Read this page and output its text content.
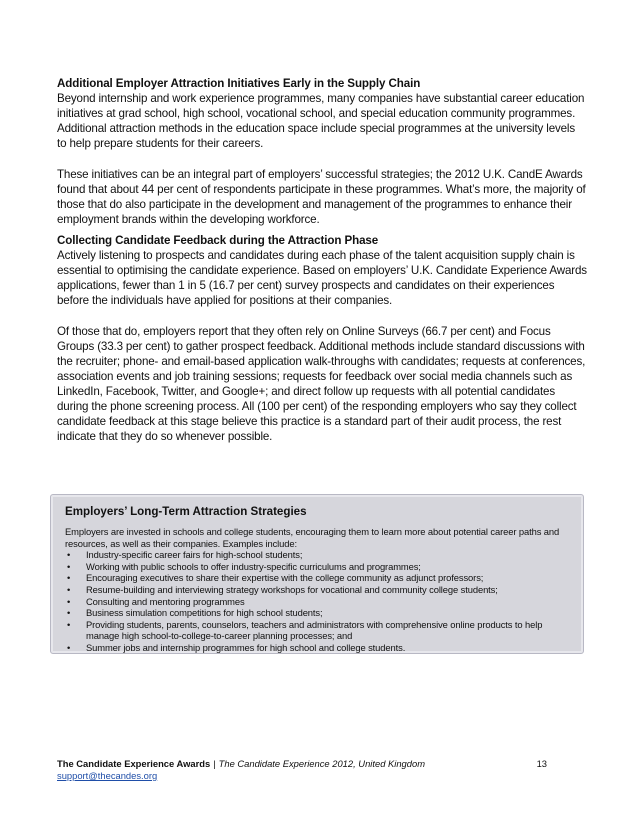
Additional Employer Attraction Initiatives Early in the Supply Chain

Beyond internship and work experience programmes, many companies have substantial career education initiatives at grad school, high school, vocational school, and special education community programmes. Additional attraction methods in the education space include special programmes at the university levels to help prepare students for their careers.

These initiatives can be an integral part of employers’ successful strategies; the 2012 U.K. CandE Awards found that about 44 per cent of respondents participate in these programmes. What’s more, the majority of those that do also participate in the development and management of the programmes to enhance their employment brands within the developing workforce.

Collecting Candidate Feedback during the Attraction Phase

Actively listening to prospects and candidates during each phase of the talent acquisition supply chain is essential to optimising the candidate experience. Based on employers’ U.K. Candidate Experience Awards applications, fewer than 1 in 5 (16.7 per cent) survey prospects and candidates on their experiences before the individuals have applied for positions at their companies.

Of those that do, employers report that they often rely on Online Surveys (66.7 per cent) and Focus Groups (33.3 per cent) to gather prospect feedback. Additional methods include standard discussions with the recruiter; phone- and email-based application walk-throughs with candidates; requests at conferences, association events and job training sessions; requests for feedback over social media channels such as LinkedIn, Facebook, Twitter, and Google+; and direct follow up requests with all potential candidates during the phone screening process. All (100 per cent) of the responding employers who say they collect candidate feedback at this stage believe this practice is a standard part of their audit process, the rest indicate that they do so whenever possible.

Employers’ Long-Term Attraction Strategies

Employers are invested in schools and college students, encouraging them to learn more about potential career paths and resources, as well as their companies. Examples include:

• Industry-specific career fairs for high-school students;
• Working with public schools to offer industry-specific curriculums and programmes;
• Encouraging executives to share their expertise with the college community as adjunct professors;
• Resume-building and interviewing strategy workshops for vocational and community college students;
• Consulting and mentoring programmes
• Business simulation competitions for high school students;
• Providing students, parents, counselors, teachers and administrators with comprehensive online products to help manage high school-to-college-to-career planning processes; and
• Summer jobs and internship programmes for high school and college students.
The Candidate Experience Awards | The Candidate Experience 2012, United Kingdom	13
support@thecandes.org
